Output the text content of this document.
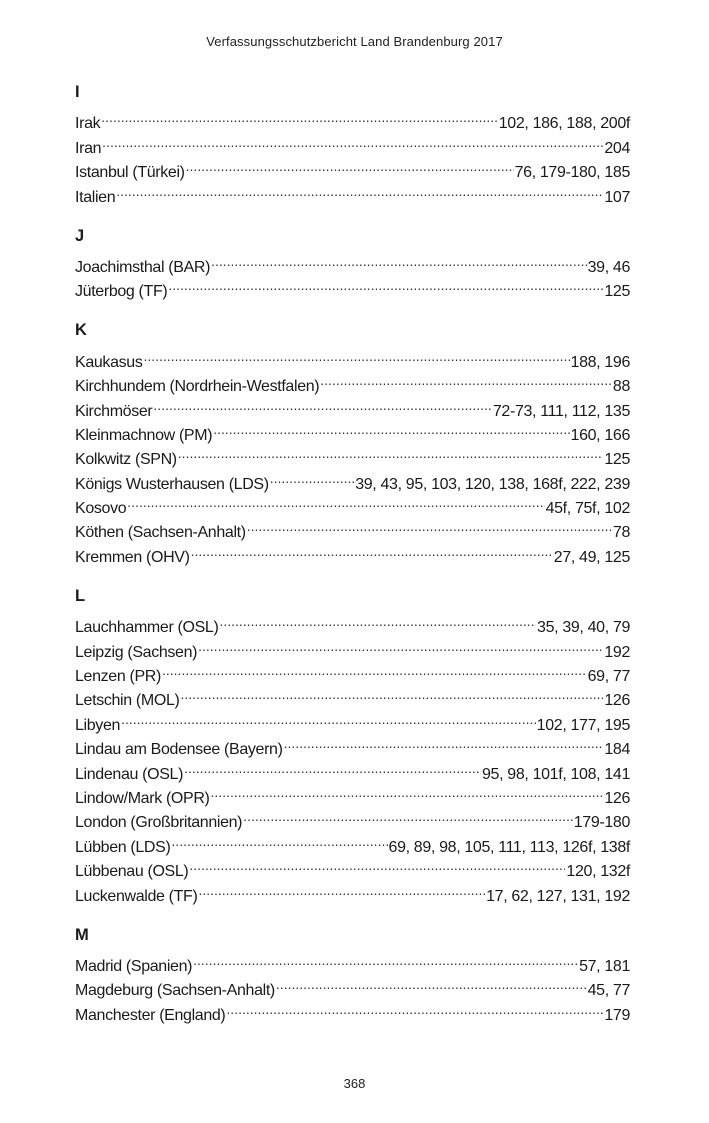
Verfassungsschutzbericht Land Brandenburg 2017
I
Irak .....	102, 186, 188, 200f
Iran .....	204
Istanbul (Türkei) .....	76, 179-180, 185
Italien .....	107
J
Joachimsthal (BAR) .....	39, 46
Jüterbog (TF) .....	125
K
Kaukasus .....	188, 196
Kirchhundem (Nordrhein-Westfalen) .....	88
Kirchmöser .....	72-73, 111, 112, 135
Kleinmachnow (PM) .....	160, 166
Kolkwitz (SPN) .....	125
Königs Wusterhausen (LDS) .....	39, 43, 95, 103, 120, 138, 168f, 222, 239
Kosovo .....	45f, 75f, 102
Köthen (Sachsen-Anhalt) .....	78
Kremmen (OHV) .....	27, 49, 125
L
Lauchhammer (OSL) .....	35, 39, 40, 79
Leipzig (Sachsen) .....	192
Lenzen (PR) .....	69, 77
Letschin (MOL) .....	126
Libyen .....	102, 177, 195
Lindau am Bodensee (Bayern) .....	184
Lindenau (OSL) .....	95, 98, 101f, 108, 141
Lindow/Mark (OPR) .....	126
London (Großbritannien) .....	179-180
Lübben (LDS) .....	69, 89, 98, 105, 111, 113, 126f, 138f
Lübbenau (OSL) .....	120, 132f
Luckenwalde (TF) .....	17, 62, 127, 131, 192
M
Madrid (Spanien) .....	57, 181
Magdeburg (Sachsen-Anhalt) .....	45, 77
Manchester (England) .....	179
368
